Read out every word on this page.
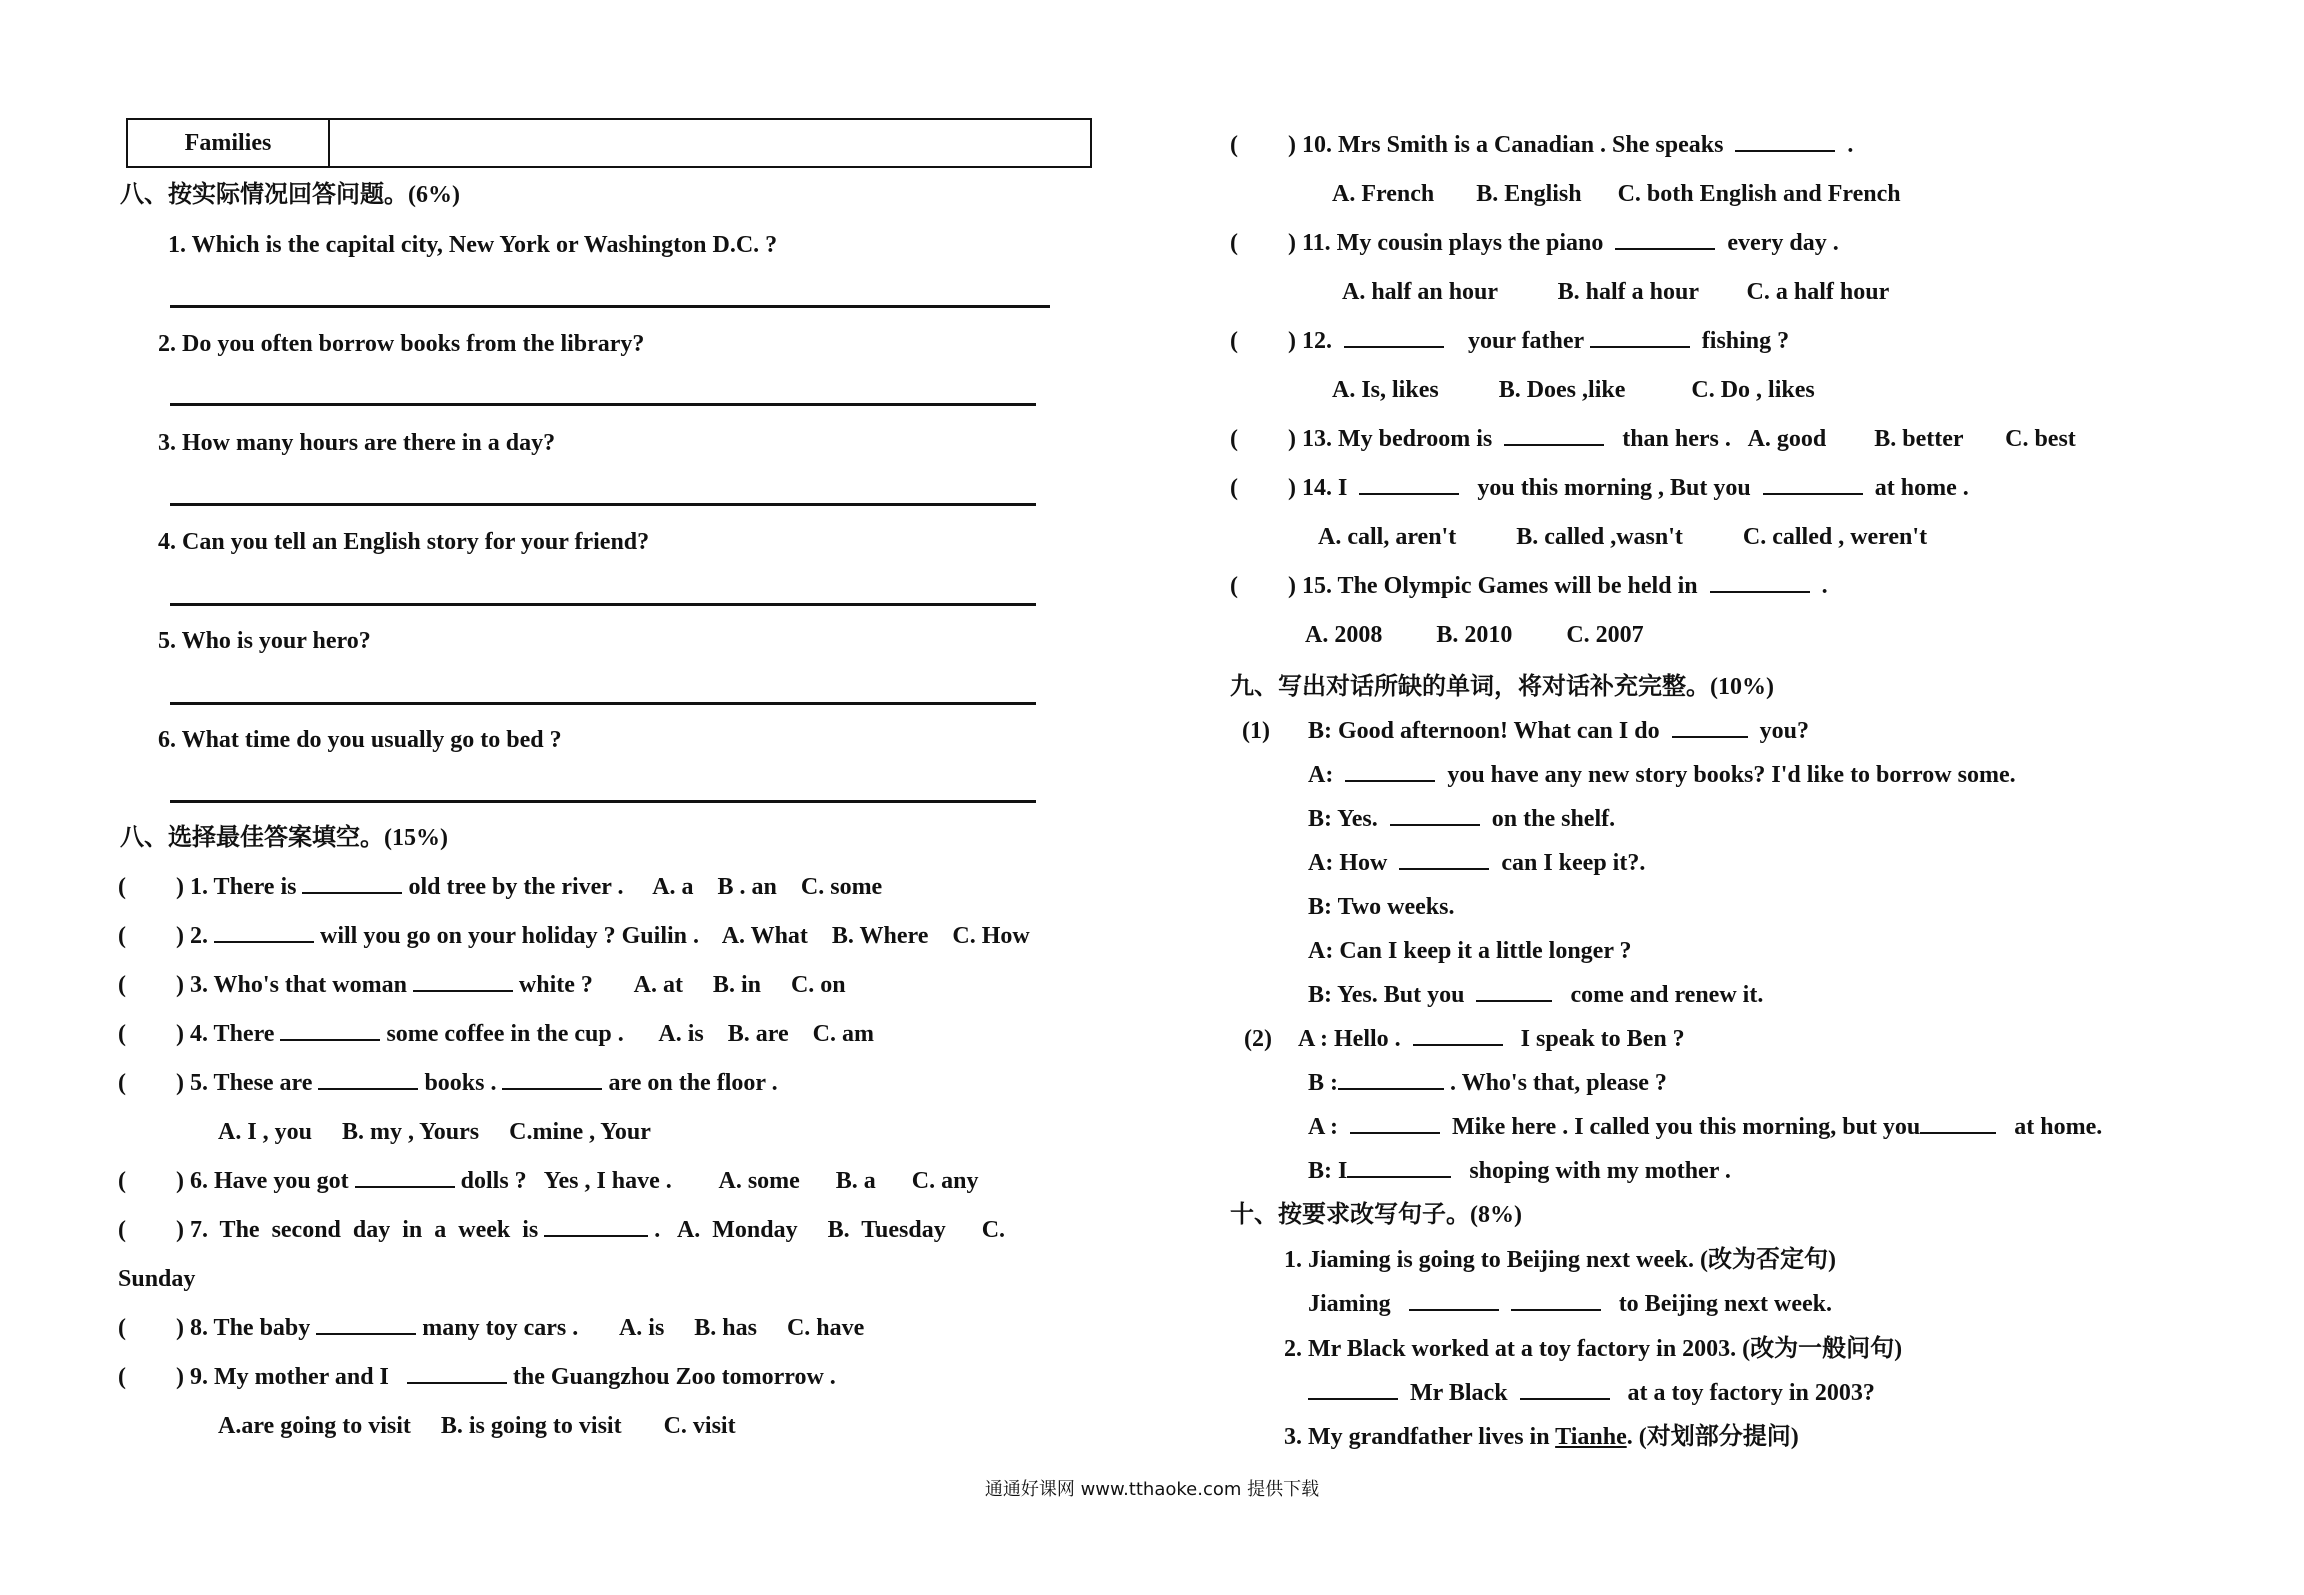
Families	
八、按实际情况回答问题。(6%)
1. Which is the capital city, New York or Washington D.C. ?
2. Do you often borrow books from the library?
3. How many hours are there in a day?
4. Can you tell an English story for your friend?
5. Who is your hero?
6. What time do you usually go to bed ?
八、选择最佳答案填空。(15%)
( ) 1. There is	old tree by the river . A. a    B . an    C. some
( ) 2.	will you go on your holiday ? Guilin . A. What    B. Where    C. How
( ) 3. Who's that woman	white ? A. at     B. in     C. on
( ) 4. There	some coffee in the cup . A. is    B. are    C. am
( ) 5. These are	books .	are on the floor .
A. I , you     B. my , Yours     C.mine , Your
( ) 6. Have you got	dolls ?   Yes , I have . A. some      B. a      C. any
( ) 7.  The  second  day  in  a  week  is	.   A.  Monday     B.  Tuesday      C.
Sunday
( ) 8. The baby	many toy cars . A. is     B. has     C. have
( ) 9. My mother and I	the Guangzhou Zoo tomorrow .
A.are going to visit     B. is going to visit       C. visit
( ) 10. Mrs Smith is a Canadian . She speaks	.
A. French       B. English      C. both English and French
( ) 11. My cousin plays the piano	every day .
A. half an hour          B. half a hour        C. a half hour
( ) 12.	your father	fishing ?
A. Is, likes          B. Does ,like           C. Do , likes
( ) 13. My bedroom is	than hers .   A. good        B. better       C. best
( ) 14. I	you this morning , But you	at home .
A. call, aren't          B. called ,wasn't          C. called , weren't
( ) 15. The Olympic Games will be held in	.
A. 2008         B. 2010         C. 2007
九、写出对话所缺的单词，将对话补充完整。(10%)
(1) B: Good afternoon! What can I do	you?
A:	you have any new story books? I'd like to borrow some.
B: Yes.	on the shelf.
A: How	can I keep it?.
B: Two weeks.
A: Can I keep it a little longer ?
B: Yes. But you	come and renew it.
(2) A : Hello .	I speak to Ben ?
B :	. Who's that, please ?
A :	Mike here . I called you this morning, but you	at home.
B: I	shoping with my mother .
十、按要求改写句子。(8%)
1. Jiaming is going to Beijing next week. (改为否定句)
Jiaming	to Beijing next week.
2. Mr Black worked at a toy factory in 2003. (改为一般问句)
Mr Black	at a toy factory in 2003?
3. My grandfather lives in Tianhe. (对划部分提问)
通通好课网 www.tthaoke.com 提供下载
